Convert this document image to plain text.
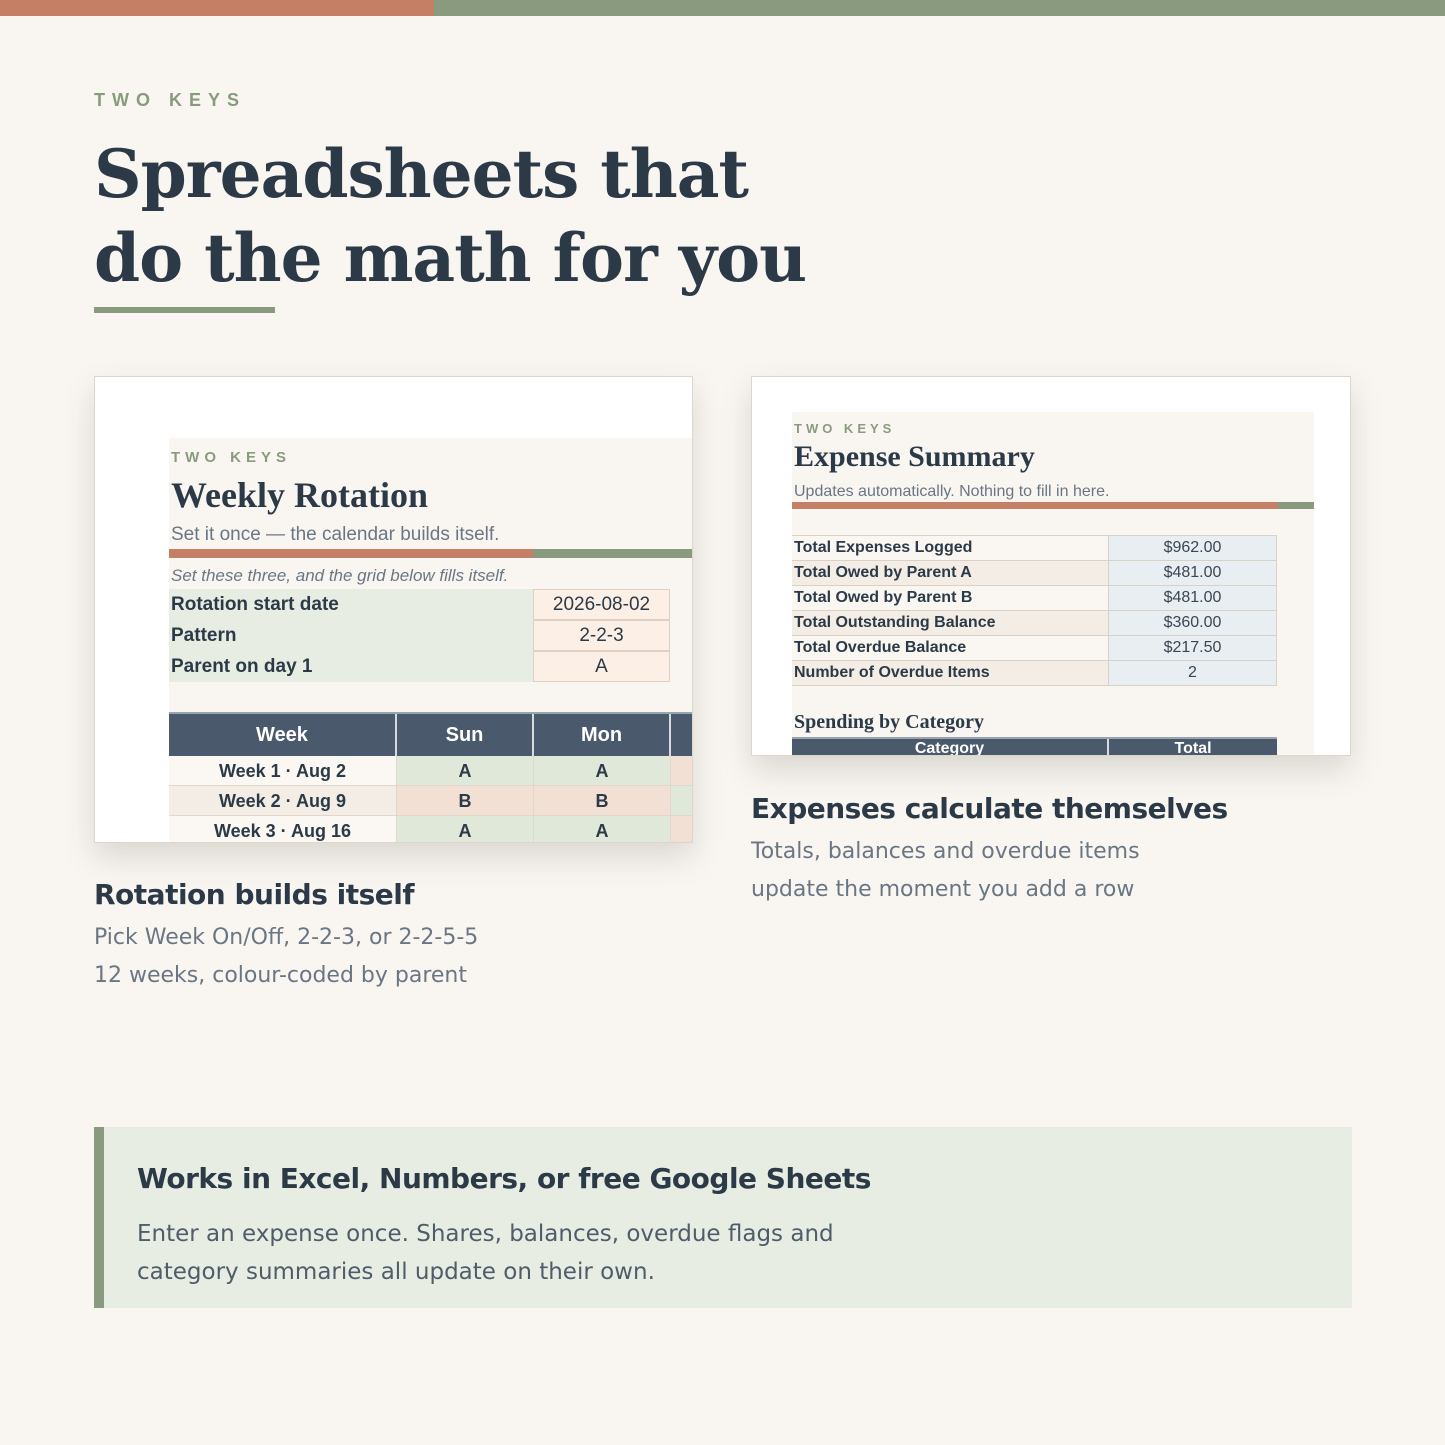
TWO KEYS
Spreadsheets that
do the math for you
TWO KEYS
Weekly Rotation
Set it once — the calendar builds itself.
Set these three, and the grid below fills itself.
Rotation start date	2026-08-02
Pattern	2-2-3
Parent on day 1	A
Week	Sun	Mon
Week 1 · Aug 2	A	A
Week 2 · Aug 9	B	B
Week 3 · Aug 16	A	A
TWO KEYS
Expense Summary
Updates automatically. Nothing to fill in here.
Total Expenses Logged	$962.00
Total Owed by Parent A	$481.00
Total Owed by Parent B	$481.00
Total Outstanding Balance	$360.00
Total Overdue Balance	$217.50
Number of Overdue Items	2
Spending by Category
Category	Total
Rotation builds itself
Pick Week On/Off, 2-2-3, or 2-2-5-5
12 weeks, colour-coded by parent
Expenses calculate themselves
Totals, balances and overdue items
update the moment you add a row
Works in Excel, Numbers, or free Google Sheets
Enter an expense once. Shares, balances, overdue flags and
category summaries all update on their own.
